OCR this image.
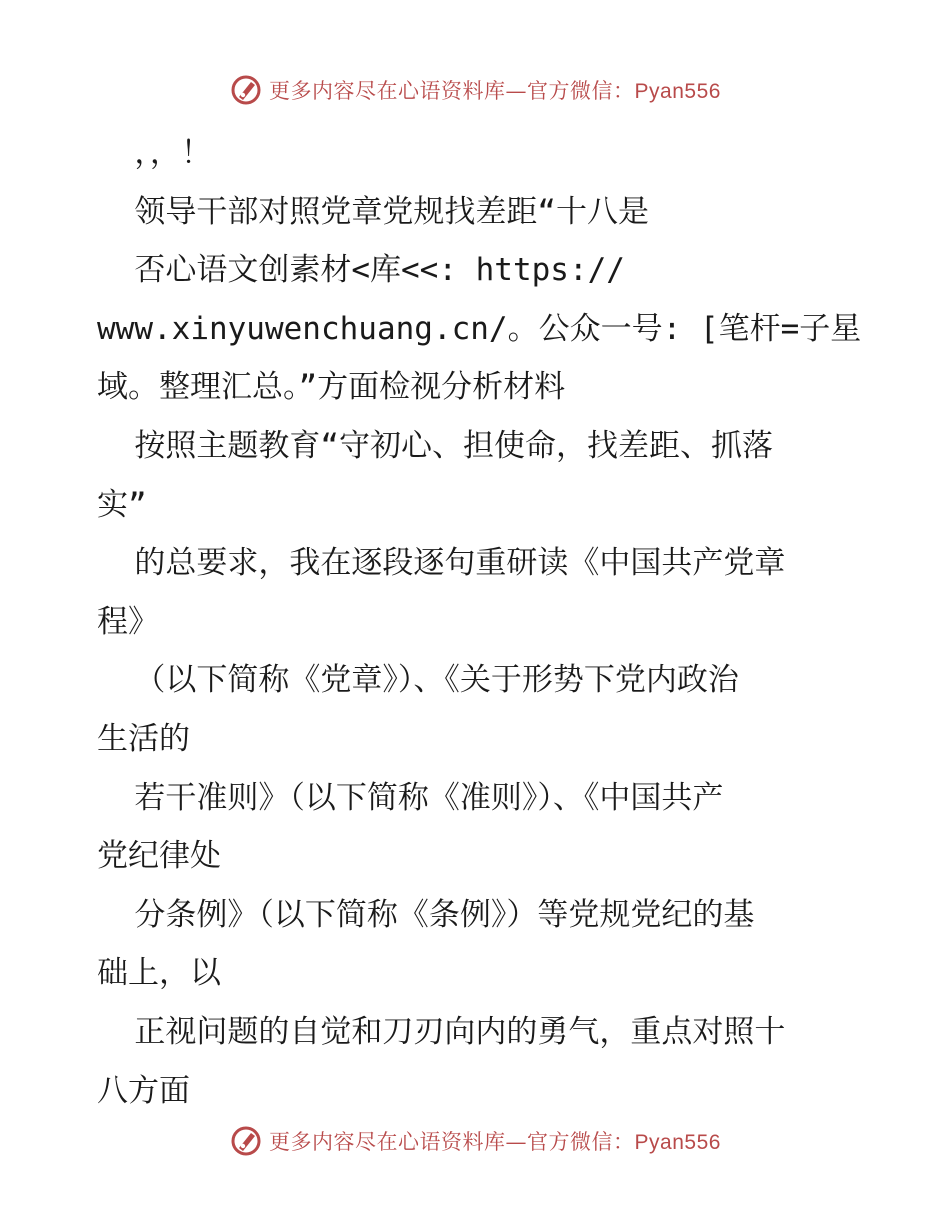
更多内容尽在心语资料库—官方微信：Pyan556
，，！
领导干部对照党章党规找差距“十八是
否心语文创素材<库<<: https://
www.xinyuwenchuang.cn/。公众一号: [笔杆=子星
域。整理汇总。”方面检视分析材料
按照主题教育“守初心、担使命，找差距、抓落
实”
的总要求，我在逐段逐句重研读《中国共产党章
程》
（以下简称《党章》）、《关于形势下党内政治
生活的
若干准则》（以下简称《准则》）、《中国共产
党纪律处
分条例》（以下简称《条例》）等党规党纪的基
础上，以
正视问题的自觉和刀刃向内的勇气，重点对照十
八方面
更多内容尽在心语资料库—官方微信：Pyan556
